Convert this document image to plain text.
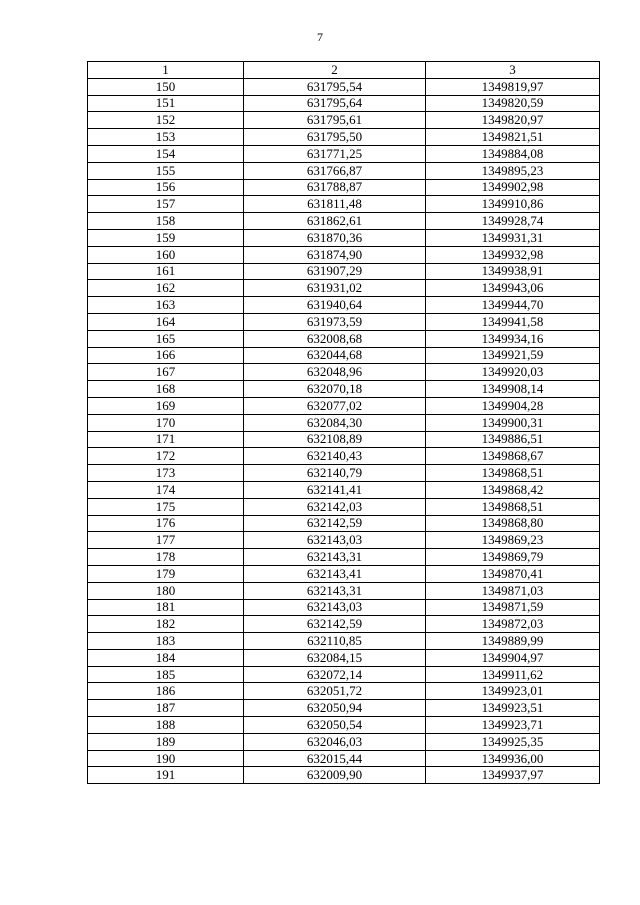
7
1	2	3
150	631795,54	1349819,97
151	631795,64	1349820,59
152	631795,61	1349820,97
153	631795,50	1349821,51
154	631771,25	1349884,08
155	631766,87	1349895,23
156	631788,87	1349902,98
157	631811,48	1349910,86
158	631862,61	1349928,74
159	631870,36	1349931,31
160	631874,90	1349932,98
161	631907,29	1349938,91
162	631931,02	1349943,06
163	631940,64	1349944,70
164	631973,59	1349941,58
165	632008,68	1349934,16
166	632044,68	1349921,59
167	632048,96	1349920,03
168	632070,18	1349908,14
169	632077,02	1349904,28
170	632084,30	1349900,31
171	632108,89	1349886,51
172	632140,43	1349868,67
173	632140,79	1349868,51
174	632141,41	1349868,42
175	632142,03	1349868,51
176	632142,59	1349868,80
177	632143,03	1349869,23
178	632143,31	1349869,79
179	632143,41	1349870,41
180	632143,31	1349871,03
181	632143,03	1349871,59
182	632142,59	1349872,03
183	632110,85	1349889,99
184	632084,15	1349904,97
185	632072,14	1349911,62
186	632051,72	1349923,01
187	632050,94	1349923,51
188	632050,54	1349923,71
189	632046,03	1349925,35
190	632015,44	1349936,00
191	632009,90	1349937,97
